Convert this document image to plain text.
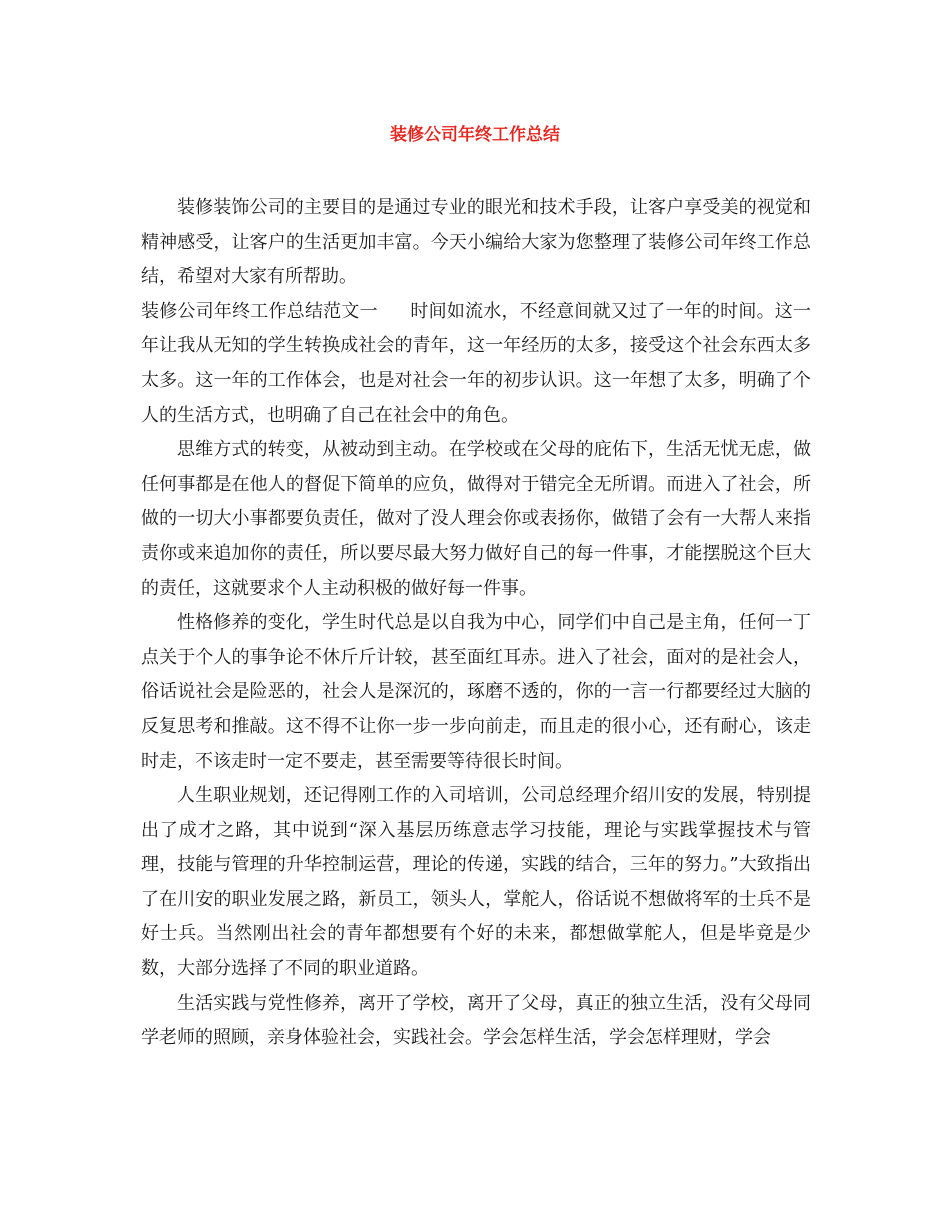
装修公司年终工作总结

装修装饰公司的主要目的是通过专业的眼光和技术手段，让客户享受美的视觉和精神感受，让客户的生活更加丰富。今天小编给大家为您整理了装修公司年终工作总结，希望对大家有所帮助。

装修公司年终工作总结范文一 时间如流水，不经意间就又过了一年的时间。这一年让我从无知的学生转换成社会的青年，这一年经历的太多，接受这个社会东西太多太多。这一年的工作体会，也是对社会一年的初步认识。这一年想了太多，明确了个人的生活方式，也明确了自己在社会中的角色。

思维方式的转变，从被动到主动。在学校或在父母的庇佑下，生活无忧无虑，做任何事都是在他人的督促下简单的应负，做得对于错完全无所谓。而进入了社会，所做的一切大小事都要负责任，做对了没人理会你或表扬你，做错了会有一大帮人来指责你或来追加你的责任，所以要尽最大努力做好自己的每一件事，才能摆脱这个巨大的责任，这就要求个人主动积极的做好每一件事。

性格修养的变化，学生时代总是以自我为中心，同学们中自己是主角，任何一丁点关于个人的事争论不休斤斤计较，甚至面红耳赤。进入了社会，面对的是社会人，俗话说社会是险恶的，社会人是深沉的，琢磨不透的，你的一言一行都要经过大脑的反复思考和推敲。这不得不让你一步一步向前走，而且走的很小心，还有耐心，该走时走，不该走时一定不要走，甚至需要等待很长时间。

人生职业规划，还记得刚工作的入司培训，公司总经理介绍川安的发展，特别提出了成才之路，其中说到“深入基层历练意志学习技能，理论与实践掌握技术与管理，技能与管理的升华控制运营，理论的传递，实践的结合，三年的努力。”大致指出了在川安的职业发展之路，新员工，领头人，掌舵人，俗话说不想做将军的士兵不是好士兵。当然刚出社会的青年都想要有个好的未来，都想做掌舵人，但是毕竟是少数，大部分选择了不同的职业道路。

生活实践与党性修养，离开了学校，离开了父母，真正的独立生活，没有父母同学老师的照顾，亲身体验社会，实践社会。学会怎样生活，学会怎样理财，学会
